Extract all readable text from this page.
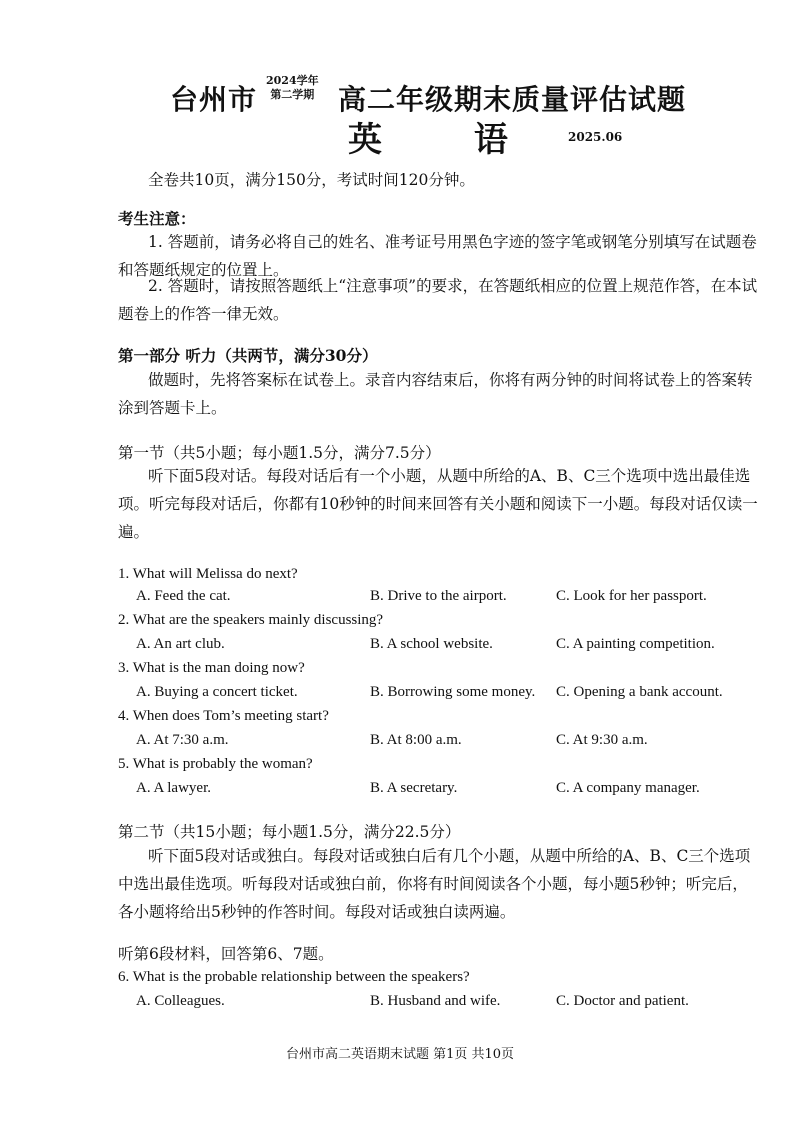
台州市
2024学年
第二学期 高二年级期末质量评估试题
英 语 2025.06
全卷共10页，满分150分，考试时间120分钟。
考生注意：
1. 答题前，请务必将自己的姓名、准考证号用黑色字迹的签字笔或钢笔分别填写在试题卷和答题纸规定的位置上。
2. 答题时，请按照答题纸上“注意事项”的要求，在答题纸相应的位置上规范作答，在本试题卷上的作答一律无效。
第一部分 听力（共两节，满分30分）
做题时，先将答案标在试卷上。录音内容结束后，你将有两分钟的时间将试卷上的答案转涂到答题卡上。
第一节（共5小题；每小题1.5分，满分7.5分）
听下面5段对话。每段对话后有一个小题，从题中所给的A、B、C三个选项中选出最佳选项。听完每段对话后，你都有10秒钟的时间来回答有关小题和阅读下一小题。每段对话仅读一遍。
1. What will Melissa do next?
A. Feed the cat.	B. Drive to the airport.	C. Look for her passport.
2. What are the speakers mainly discussing?
A. An art club.	B. A school website.	C. A painting competition.
3. What is the man doing now?
A. Buying a concert ticket.	B. Borrowing some money. C. Opening a bank account.
4. When does Tom’s meeting start?
A. At 7:30 a.m.	B. At 8:00 a.m.	C. At 9:30 a.m.
5. What is probably the woman?
A. A lawyer.	B. A secretary.	C. A company manager.
第二节（共15小题；每小题1.5分，满分22.5分）
听下面5段对话或独白。每段对话或独白后有几个小题，从题中所给的A、B、C三个选项中选出最佳选项。听每段对话或独白前，你将有时间阅读各个小题，每小题5秒钟；听完后，各小题将给出5秒钟的作答时间。每段对话或独白读两遍。
听第6段材料，回答第6、7题。
6. What is the probable relationship between the speakers?
A. Colleagues.	B. Husband and wife.	C. Doctor and patient.
台州市高二英语期末试题 第1页 共10页
